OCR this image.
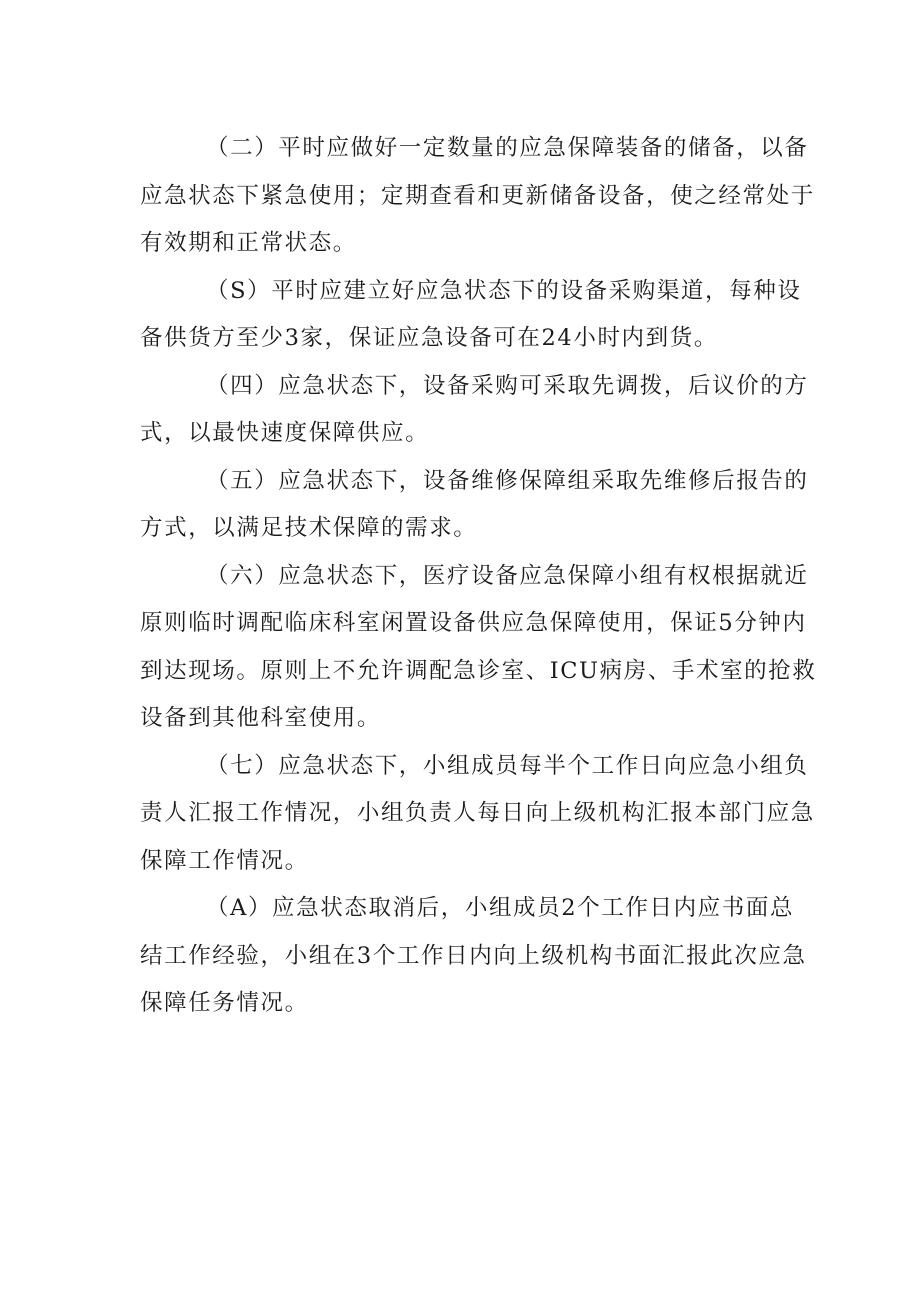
（二）平时应做好一定数量的应急保障装备的储备，以备
应急状态下紧急使用；定期查看和更新储备设备，使之经常处于
有效期和正常状态。
（S）平时应建立好应急状态下的设备采购渠道，每种设
备供货方至少3家，保证应急设备可在24小时内到货。
（四）应急状态下，设备采购可采取先调拨，后议价的方
式，以最快速度保障供应。
（五）应急状态下，设备维修保障组采取先维修后报告的
方式，以满足技术保障的需求。
（六）应急状态下，医疗设备应急保障小组有权根据就近
原则临时调配临床科室闲置设备供应急保障使用，保证5分钟内
到达现场。原则上不允许调配急诊室、ICU病房、手术室的抢救
设备到其他科室使用。
（七）应急状态下，小组成员每半个工作日向应急小组负
责人汇报工作情况，小组负责人每日向上级机构汇报本部门应急
保障工作情况。
（A）应急状态取消后，小组成员2个工作日内应书面总
结工作经验，小组在3个工作日内向上级机构书面汇报此次应急
保障任务情况。
